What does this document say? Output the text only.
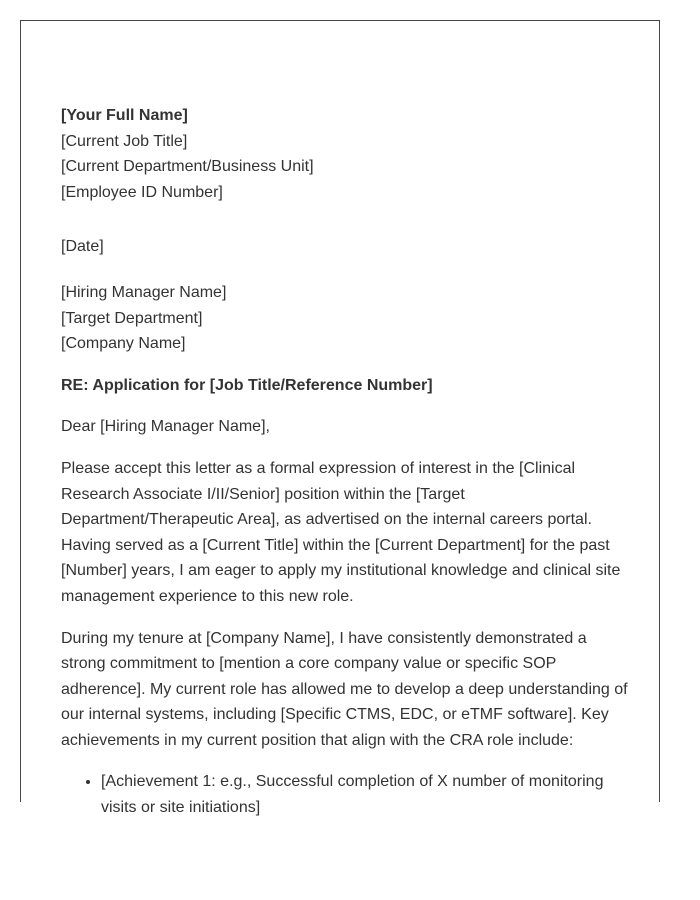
[Your Full Name]
[Current Job Title]
[Current Department/Business Unit]
[Employee ID Number]
[Date]
[Hiring Manager Name]
[Target Department]
[Company Name]
RE: Application for [Job Title/Reference Number]
Dear [Hiring Manager Name],

Please accept this letter as a formal expression of interest in the [Clinical Research Associate I/II/Senior] position within the [Target Department/Therapeutic Area], as advertised on the internal careers portal. Having served as a [Current Title] within the [Current Department] for the past [Number] years, I am eager to apply my institutional knowledge and clinical site management experience to this new role.

During my tenure at [Company Name], I have consistently demonstrated a strong commitment to [mention a core company value or specific SOP adherence]. My current role has allowed me to develop a deep understanding of our internal systems, including [Specific CTMS, EDC, or eTMF software]. Key achievements in my current position that align with the CRA role include:

• [Achievement 1: e.g., Successful completion of X number of monitoring visits or site initiations]
